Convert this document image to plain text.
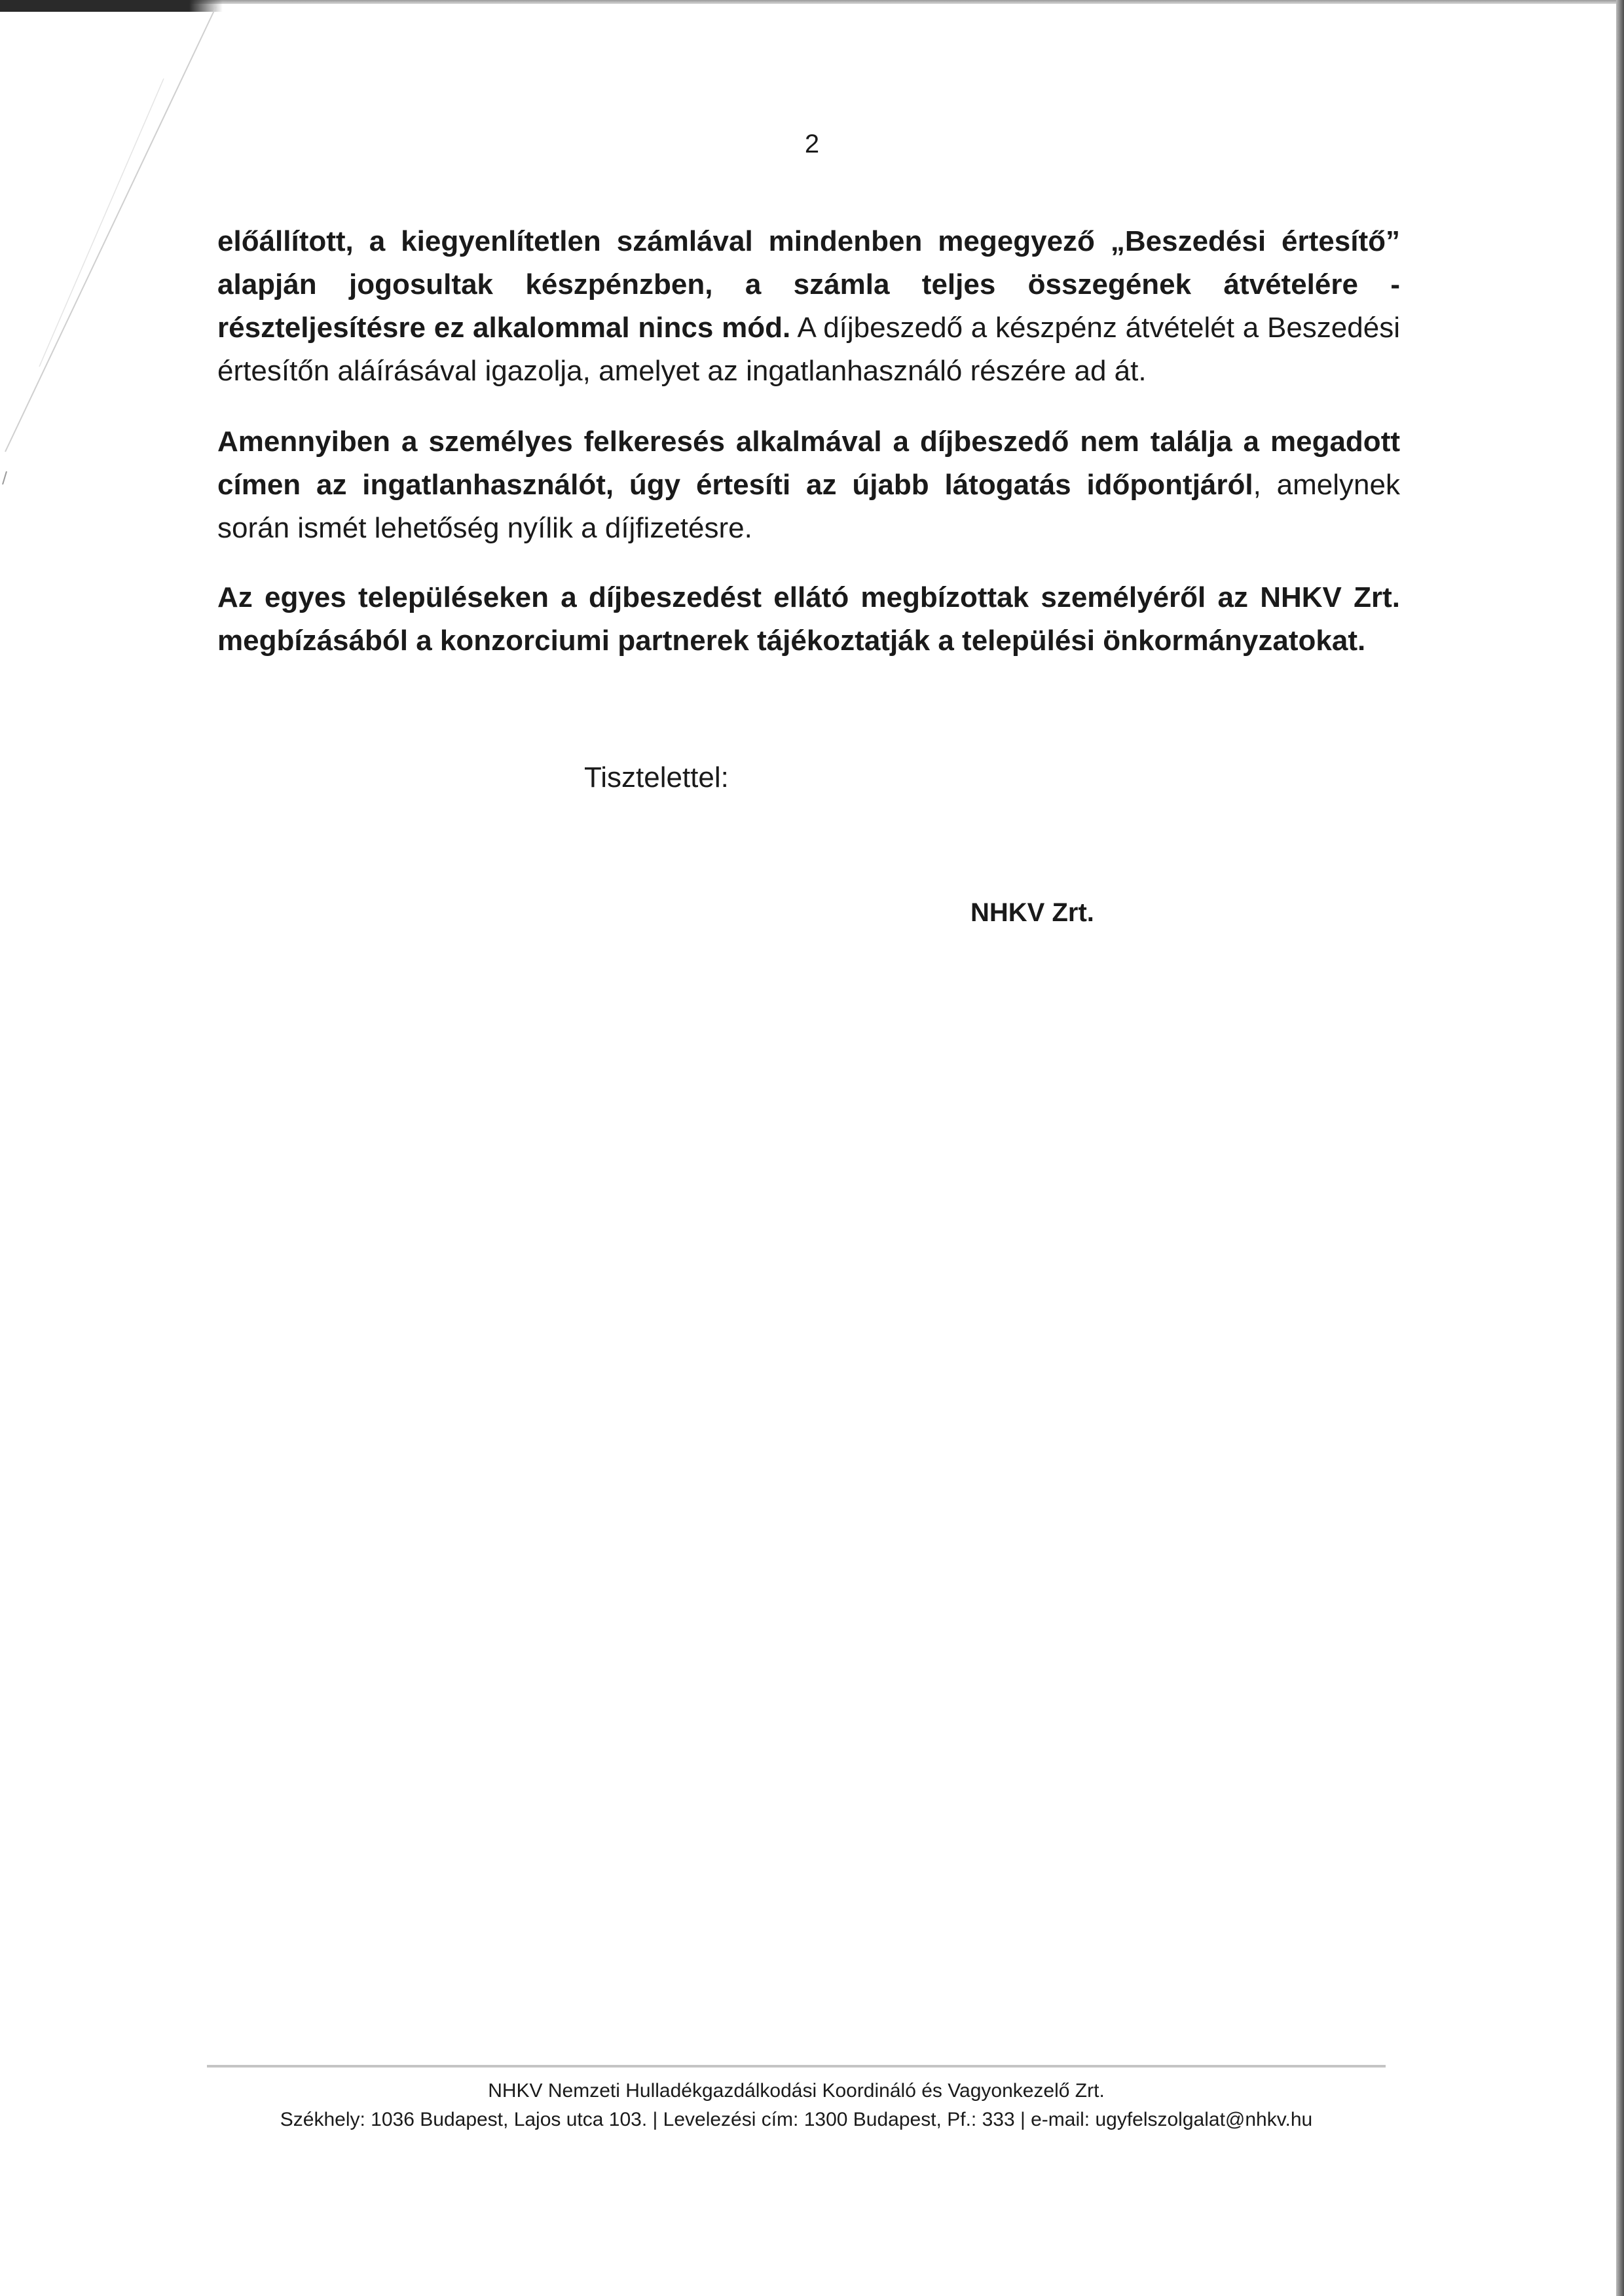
2
előállított, a kiegyenlítetlen számlával mindenben megegyező „Beszedési értesítő” alapján jogosultak készpénzben, a számla teljes összegének átvételére - részteljesítésre ez alkalommal nincs mód. A díjbeszedő a készpénz átvételét a Beszedési értesítőn aláírásával igazolja, amelyet az ingatlanhasználó részére ad át.
Amennyiben a személyes felkeresés alkalmával a díjbeszedő nem találja a megadott címen az ingatlanhasználót, úgy értesíti az újabb látogatás időpontjáról, amelynek során ismét lehetőség nyílik a díjfizetésre.
Az egyes településeken a díjbeszedést ellátó megbízottak személyéről az NHKV Zrt. megbízásából a konzorciumi partnerek tájékoztatják a települési önkormányzatokat.
Tisztelettel:
NHKV Zrt.
NHKV Nemzeti Hulladékgazdálkodási Koordináló és Vagyonkezelő Zrt.
Székhely: 1036 Budapest, Lajos utca 103. | Levelezési cím: 1300 Budapest, Pf.: 333 | e-mail: ugyfelszolgalat@nhkv.hu
